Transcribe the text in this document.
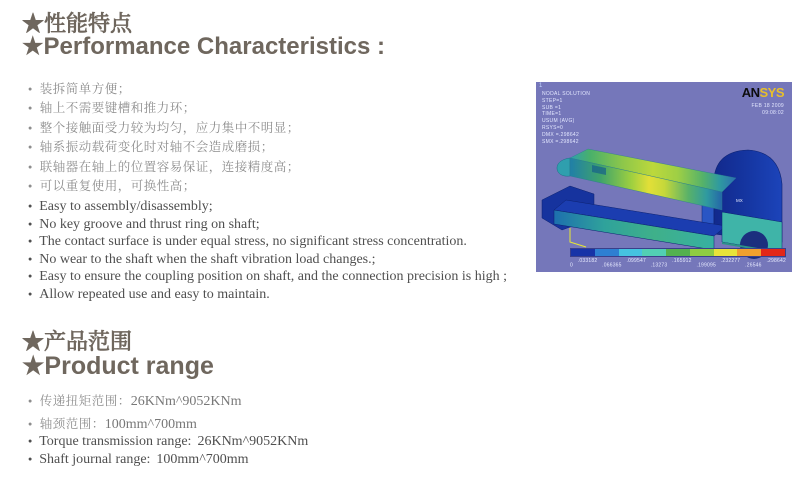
★性能特点
★Performance Characteristics :
● 装拆简单方便；
● 轴上不需要键槽和推力环；
● 整个接触面受力较为均匀，应力集中不明显；
● 轴系振动载荷变化时对轴不会造成磨损；
● 联轴器在轴上的位置容易保证，连接精度高；
● 可以重复使用，可换性高；
● Easy to assembly/disassembly;
● No key groove and thrust ring on shaft;
● The contact surface is under equal stress, no significant stress concentration.
● No wear to the shaft when the shaft vibration load changes.;
● Easy to ensure the coupling position on shaft, and the connection precision is high ;
● Allow repeated use and easy to maintain.
1
NODAL SOLUTION
STEP=1
SUB =1
TIME=1
USUM (AVG)
RSYS=0
DMX =.298642
SMX =.298642
ANSYS
FEB 18 2009
09:08:02
MX
0
.033182
.066365
.099547
.13273
.165912
.199095
.232277
.26546
.298642
★产品范围
★Product range
● 传递扭矩范围：26KNm^9052KNm
● 轴颈范围：100mm^700mm
● Torque transmission range: 26KNm^9052KNm
● Shaft journal range: 100mm^700mm
